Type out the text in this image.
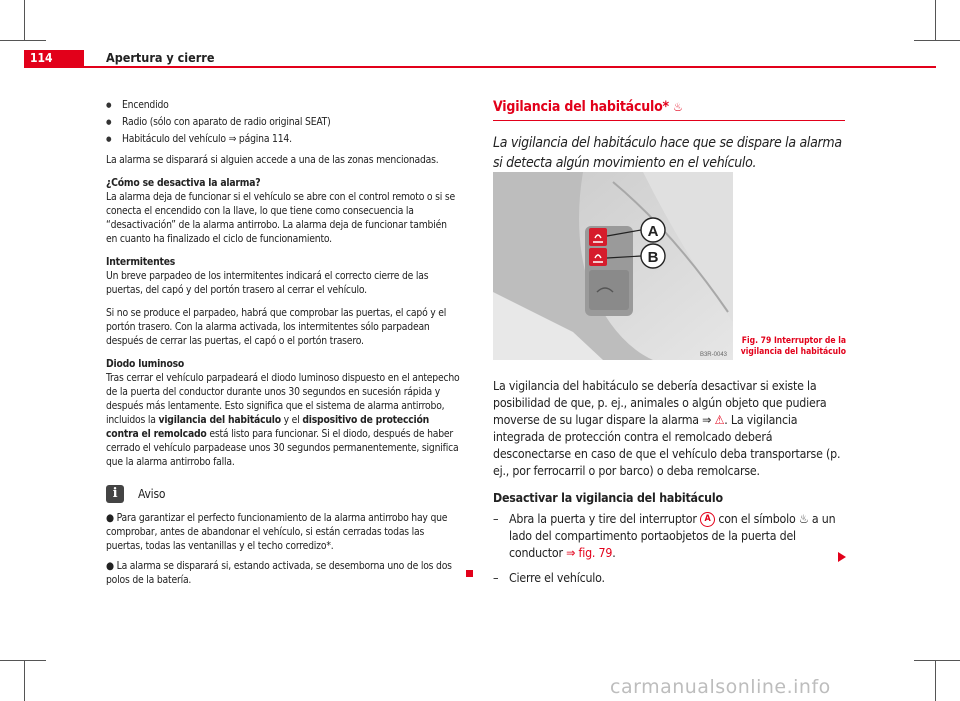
114	Apertura y cierre
● Encendido
● Radio (sólo con aparato de radio original SEAT)
● Habitáculo del vehículo ⇒ página 114.

La alarma se disparará si alguien accede a una de las zonas mencionadas.

¿Cómo se desactiva la alarma?

La alarma deja de funcionar si el vehículo se abre con el control remoto o si se conecta el encendido con la llave, lo que tiene como consecuencia la “desactivación” de la alarma antirrobo. La alarma deja de funcionar también en cuanto ha finalizado el ciclo de funcionamiento.

Intermitentes

Un breve parpadeo de los intermitentes indicará el correcto cierre de las puertas, del capó y del portón trasero al cerrar el vehículo.

Si no se produce el parpadeo, habrá que comprobar las puertas, el capó y el portón trasero. Con la alarma activada, los intermitentes sólo parpadean después de cerrar las puertas, el capó o el portón trasero.

Diodo luminoso

Tras cerrar el vehículo parpadeará el diodo luminoso dispuesto en el antepecho de la puerta del conductor durante unos 30 segundos en sucesión rápida y después más lentamente. Esto significa que el sistema de alarma antirrobo, incluidos la vigilancia del habitáculo y el dispositivo de protección contra el remolcado está listo para funcionar. Si el diodo, después de haber cerrado el vehículo parpadease unos 30 segundos permanentemente, significa que la alarma antirrobo falla.

i	Aviso

● Para garantizar el perfecto funcionamiento de la alarma antirrobo hay que comprobar, antes de abandonar el vehículo, si están cerradas todas las puertas, todas las ventanillas y el techo corredizo*.

● La alarma se disparará si, estando activada, se desemborna uno de los dos polos de la batería.

Vigilancia del habitáculo* ♨

La vigilancia del habitáculo hace que se dispare la alarma si detecta algún movimiento en el vehículo.

A
B
B3R-0043
Fig. 79 Interruptor de la vigilancia del habitáculo

La vigilancia del habitáculo se debería desactivar si existe la posibilidad de que, p. ej., animales o algún objeto que pudiera moverse de su lugar dispare la alarma ⇒ ⚠. La vigilancia integrada de protección contra el remolcado deberá desconectarse en caso de que el vehículo deba transportarse (p. ej., por ferrocarril o por barco) o deba remolcarse.

Desactivar la vigilancia del habitáculo

– Abra la puerta y tire del interruptor A con el símbolo ♨ a un lado del compartimento portaobjetos de la puerta del conductor ⇒ fig. 79.
– Cierre el vehículo.
carmanualsonline.info
